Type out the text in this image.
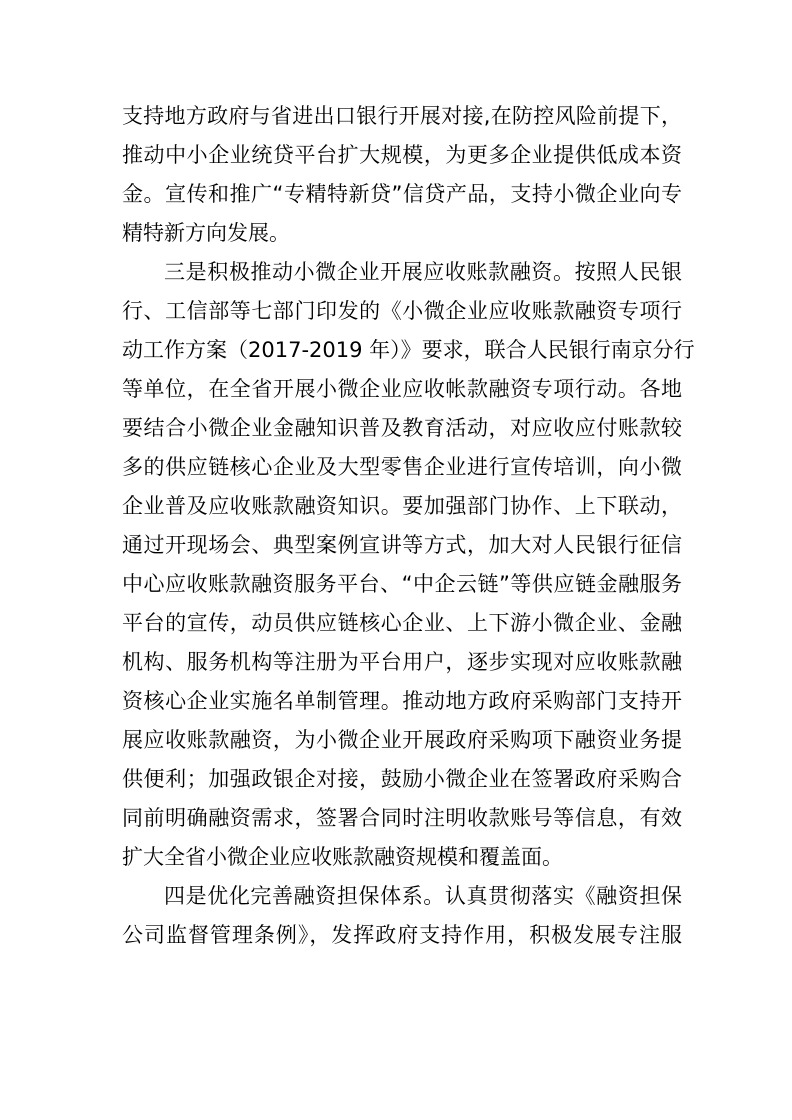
支持地方政府与省进出口银行开展对接,在防控风险前提下，
推动中小企业统贷平台扩大规模，为更多企业提供低成本资
金。宣传和推广“专精特新贷”信贷产品，支持小微企业向专
精特新方向发展。
三是积极推动小微企业开展应收账款融资。按照人民银
行、工信部等七部门印发的《小微企业应收账款融资专项行
动工作方案（2017-2019 年）》要求，联合人民银行南京分行
等单位，在全省开展小微企业应收帐款融资专项行动。各地
要结合小微企业金融知识普及教育活动，对应收应付账款较
多的供应链核心企业及大型零售企业进行宣传培训，向小微
企业普及应收账款融资知识。要加强部门协作、上下联动，
通过开现场会、典型案例宣讲等方式，加大对人民银行征信
中心应收账款融资服务平台、“中企云链”等供应链金融服务
平台的宣传，动员供应链核心企业、上下游小微企业、金融
机构、服务机构等注册为平台用户，逐步实现对应收账款融
资核心企业实施名单制管理。推动地方政府采购部门支持开
展应收账款融资，为小微企业开展政府采购项下融资业务提
供便利；加强政银企对接，鼓励小微企业在签署政府采购合
同前明确融资需求，签署合同时注明收款账号等信息，有效
扩大全省小微企业应收账款融资规模和覆盖面。
四是优化完善融资担保体系。认真贯彻落实《融资担保
公司监督管理条例》，发挥政府支持作用，积极发展专注服
